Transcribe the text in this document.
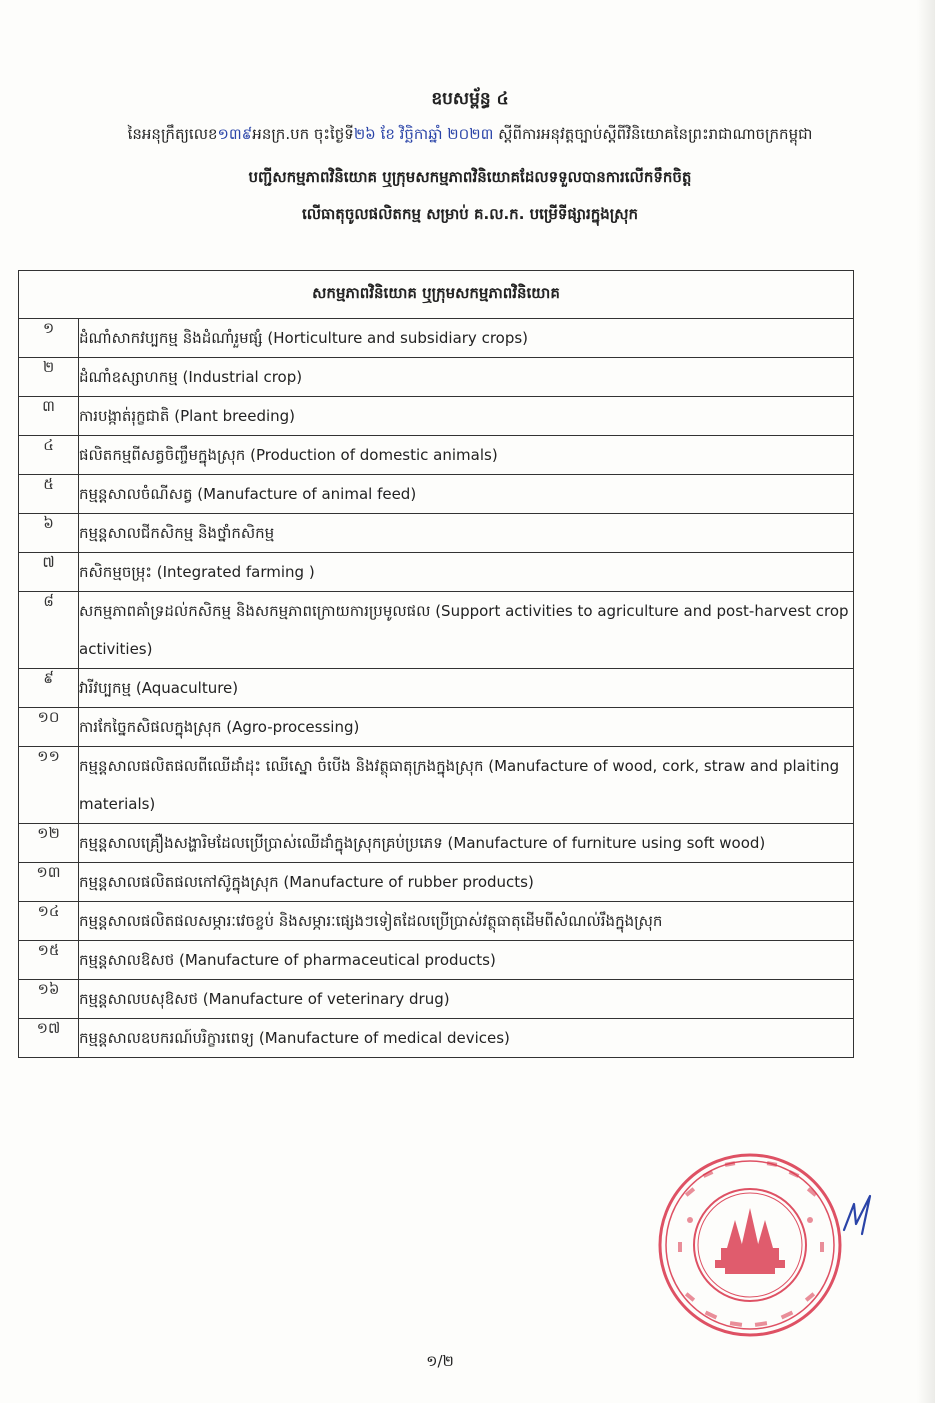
ឧបសម្ព័ន្ធ ៤
នៃអនុក្រឹត្យលេខ១៣៩អនក្រ.បក ចុះថ្ងៃទី២៦ ខែ វិច្ឆិកាឆ្នាំ ២០២៣ ស្ដីពីការអនុវត្តច្បាប់ស្ដីពីវិនិយោគនៃព្រះរាជាណាចក្រកម្ពុជា
បញ្ជីសកម្មភាពវិនិយោគ ឬក្រុមសកម្មភាពវិនិយោគដែលទទួលបានការលើកទឹកចិត្ត
លើធាតុចូលផលិតកម្ម សម្រាប់ គ.ល.ក. បម្រើទីផ្សារក្នុងស្រុក
សកម្មភាពវិនិយោគ ឬក្រុមសកម្មភាពវិនិយោគ	
១	ដំណាំសាកវប្បកម្ម និងដំណាំរួមផ្សំ (Horticulture and subsidiary crops)
២	ដំណាំឧស្សាហកម្ម (Industrial crop)
៣	ការបង្កាត់រុក្ខជាតិ (Plant breeding)
៤	ផលិតកម្មពីសត្វចិញ្ចឹមក្នុងស្រុក (Production of domestic animals)
៥	កម្មន្តសាលចំណីសត្វ (Manufacture of animal feed)
៦	កម្មន្តសាលជីកសិកម្ម និងថ្នាំកសិកម្ម
៧	កសិកម្មចម្រុះ (Integrated farming )
៨	សកម្មភាពគាំទ្រដល់កសិកម្ម និងសកម្មភាពក្រោយការប្រមូលផល (Support activities to agriculture and post-harvest crop activities)
៩	វារីវប្បកម្ម (Aquaculture)
១០	ការកែច្នៃកសិផលក្នុងស្រុក (Agro-processing)
១១	កម្មន្តសាលផលិតផលពីឈើដាំដុះ ឈើស្នោ ចំបើង និងវត្ថុធាតុក្រងក្នុងស្រុក (Manufacture of wood, cork, straw and plaiting materials)
១២	កម្មន្តសាលគ្រឿងសង្ហារិមដែលប្រើប្រាស់ឈើដាំក្នុងស្រុកគ្រប់ប្រភេទ (Manufacture of furniture using soft wood)
១៣	កម្មន្តសាលផលិតផលកៅស៊ូក្នុងស្រុក (Manufacture of rubber products)
១៤	កម្មន្តសាលផលិតផលសម្ភារៈវេចខ្ចប់ និងសម្ភារៈផ្សេងៗទៀតដែលប្រើប្រាស់វត្ថុធាតុដើមពីសំណល់រឹងក្នុងស្រុក
១៥	កម្មន្តសាលឱសថ (Manufacture of pharmaceutical products)
១៦	កម្មន្តសាលបសុឱសថ (Manufacture of veterinary drug)
១៧	កម្មន្តសាលឧបករណ៍បរិក្ខារពេទ្យ (Manufacture of medical devices)
១/២
